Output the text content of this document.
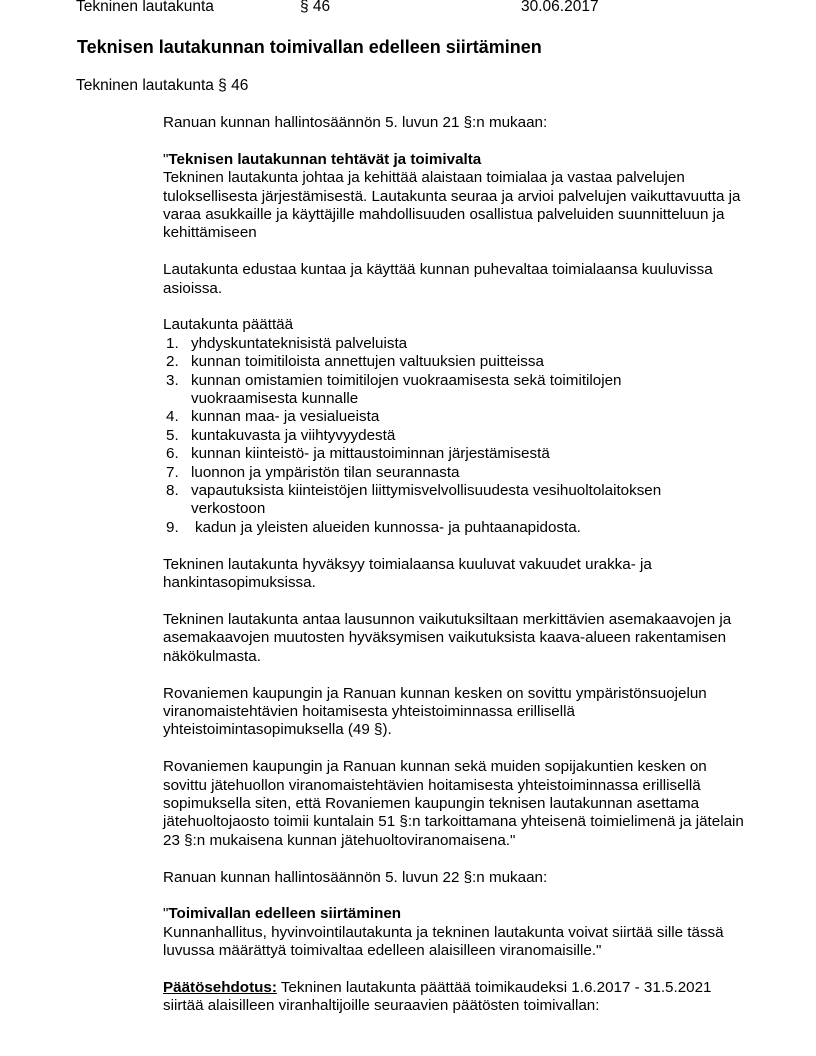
Tekninen lautakunta	§ 46	30.06.2017
Teknisen lautakunnan toimivallan edelleen siirtäminen
Tekninen lautakunta § 46

Ranuan kunnan hallintosäännön 5. luvun 21 §:n mukaan:

"Teknisen lautakunnan tehtävät ja toimivalta

Tekninen lautakunta johtaa ja kehittää alaistaan toimialaa ja vastaa palvelujen tuloksellisesta järjestämisestä. Lautakunta seuraa ja arvioi palvelujen vaikuttavuutta ja varaa asukkaille ja käyttäjille mahdollisuuden osallistua palveluiden suunnitteluun ja kehittämiseen

Lautakunta edustaa kuntaa ja käyttää kunnan puhevaltaa toimialaansa kuuluvissa asioissa.

Lautakunta päättää

1. yhdyskuntateknisistä palveluista
2. kunnan toimitiloista annettujen valtuuksien puitteissa
3. kunnan omistamien toimitilojen vuokraamisesta sekä toimitilojen vuokraamisesta kunnalle
4. kunnan maa- ja vesialueista
5. kuntakuvasta ja viihtyvyydestä
6. kunnan kiinteistö- ja mittaustoiminnan järjestämisestä
7. luonnon ja ympäristön tilan seurannasta
8. vapautuksista kiinteistöjen liittymisvelvollisuudesta vesihuoltolaitoksen verkostoon
9. kadun ja yleisten alueiden kunnossa- ja puhtaanapidosta.

Tekninen lautakunta hyväksyy toimialaansa kuuluvat vakuudet urakka- ja hankintasopimuksissa.

Tekninen lautakunta antaa lausunnon vaikutuksiltaan merkittävien asemakaavojen ja asemakaavojen muutosten hyväksymisen vaikutuksista kaava-alueen rakentamisen näkökulmasta.

Rovaniemen kaupungin ja Ranuan kunnan kesken on sovittu ympäristönsuojelun viranomaistehtävien hoitamisesta yhteistoiminnassa erillisellä yhteistoimintasopimuksella (49 §).

Rovaniemen kaupungin ja Ranuan kunnan sekä muiden sopijakuntien kesken on sovittu jätehuollon viranomaistehtävien hoitamisesta yhteistoiminnassa erillisellä sopimuksella siten, että Rovaniemen kaupungin teknisen lautakunnan asettama jätehuoltojaosto toimii kuntalain 51 §:n tarkoittamana yhteisenä toimielimenä ja jätelain 23 §:n mukaisena kunnan jätehuoltoviranomaisena."

Ranuan kunnan hallintosäännön 5. luvun 22 §:n mukaan:

"Toimivallan edelleen siirtäminen

Kunnanhallitus, hyvinvointilautakunta ja tekninen lautakunta voivat siirtää sille tässä luvussa määrättyä toimivaltaa edelleen alaisilleen viranomaisille."

Päätösehdotus: Tekninen lautakunta päättää toimikaudeksi 1.6.2017 - 31.5.2021 siirtää alaisilleen viranhaltijoille seuraavien päätösten toimivallan:
